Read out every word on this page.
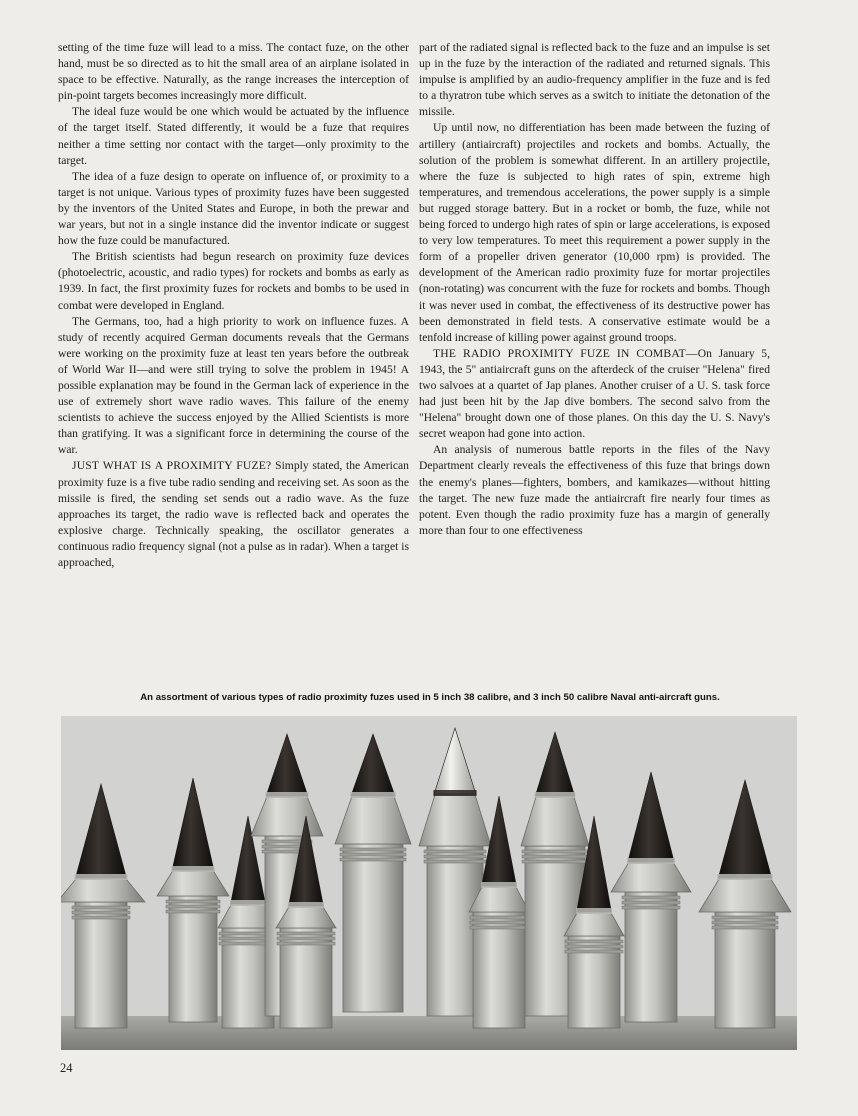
setting of the time fuze will lead to a miss. The contact fuze, on the other hand, must be so directed as to hit the small area of an airplane isolated in space to be effective. Naturally, as the range increases the interception of pin-point targets becomes increasingly more difficult.

The ideal fuze would be one which would be actuated by the influence of the target itself. Stated differently, it would be a fuze that requires neither a time setting nor contact with the target—only proximity to the target.

The idea of a fuze design to operate on influence of, or proximity to a target is not unique. Various types of proximity fuzes have been suggested by the inventors of the United States and Europe, in both the prewar and war years, but not in a single instance did the inventor indicate or suggest how the fuze could be manufactured.

The British scientists had begun research on proximity fuze devices (photoelectric, acoustic, and radio types) for rockets and bombs as early as 1939. In fact, the first proximity fuzes for rockets and bombs to be used in combat were developed in England.

The Germans, too, had a high priority to work on influence fuzes. A study of recently acquired German documents reveals that the Germans were working on the proximity fuze at least ten years before the outbreak of World War II—and were still trying to solve the problem in 1945! A possible explanation may be found in the German lack of experience in the use of extremely short wave radio waves. This failure of the enemy scientists to achieve the success enjoyed by the Allied Scientists is more than gratifying. It was a significant force in determining the course of the war.

JUST WHAT IS A PROXIMITY FUZE? Simply stated, the American proximity fuze is a five tube radio sending and receiving set. As soon as the missile is fired, the sending set sends out a radio wave. As the fuze approaches its target, the radio wave is reflected back and operates the explosive charge. Technically speaking, the oscillator generates a continuous radio frequency signal (not a pulse as in radar). When a target is approached,

part of the radiated signal is reflected back to the fuze and an impulse is set up in the fuze by the interaction of the radiated and returned signals. This impulse is amplified by an audio-frequency amplifier in the fuze and is fed to a thyratron tube which serves as a switch to initiate the detonation of the missile.

Up until now, no differentiation has been made between the fuzing of artillery (antiaircraft) projectiles and rockets and bombs. Actually, the solution of the problem is somewhat different. In an artillery projectile, where the fuze is subjected to high rates of spin, extreme high temperatures, and tremendous accelerations, the power supply is a simple but rugged storage battery. But in a rocket or bomb, the fuze, while not being forced to undergo high rates of spin or large accelerations, is exposed to very low temperatures. To meet this requirement a power supply in the form of a propeller driven generator (10,000 rpm) is provided. The development of the American radio proximity fuze for mortar projectiles (non-rotating) was concurrent with the fuze for rockets and bombs. Though it was never used in combat, the effectiveness of its destructive power has been demonstrated in field tests. A conservative estimate would be a tenfold increase of killing power against ground troops.

THE RADIO PROXIMITY FUZE IN COMBAT—On January 5, 1943, the 5" antiaircraft guns on the afterdeck of the cruiser "Helena" fired two salvoes at a quartet of Jap planes. Another cruiser of a U. S. task force had just been hit by the Jap dive bombers. The second salvo from the "Helena" brought down one of those planes. On this day the U. S. Navy's secret weapon had gone into action.

An analysis of numerous battle reports in the files of the Navy Department clearly reveals the effectiveness of this fuze that brings down the enemy's planes—fighters, bombers, and kamikazes—without hitting the target. The new fuze made the antiaircraft fire nearly four times as potent. Even though the radio proximity fuze has a margin of generally more than four to one effectiveness

An assortment of various types of radio proximity fuzes used in 5 inch 38 calibre, and 3 inch 50 calibre Naval anti-aircraft guns.
24
